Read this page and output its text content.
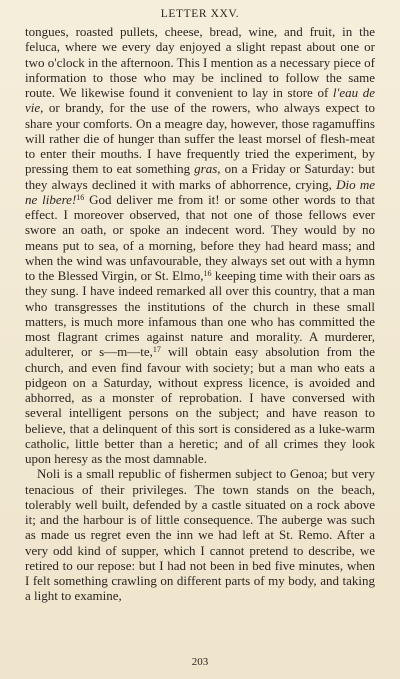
LETTER XXV.

tongues, roasted pullets, cheese, bread, wine, and fruit, in the feluca, where we every day enjoyed a slight repast about one or two o'clock in the afternoon. This I mention as a necessary piece of information to those who may be inclined to follow the same route. We likewise found it convenient to lay in store of l'eau de vie, or brandy, for the use of the rowers, who always expect to share your comforts. On a meagre day, however, those ragamuffins will rather die of hunger than suffer the least morsel of flesh-meat to enter their mouths. I have frequently tried the experiment, by pressing them to eat something gras, on a Friday or Saturday: but they always declined it with marks of abhorrence, crying, Dio me ne libere!$^{16}$ God deliver me from it! or some other words to that effect. I moreover observed, that not one of those fellows ever swore an oath, or spoke an indecent word. They would by no means put to sea, of a morning, before they had heard mass; and when the wind was unfavourable, they always set out with a hymn to the Blessed Virgin, or St. Elmo,$^{16}$ keeping time with their oars as they sung. I have indeed remarked all over this country, that a man who transgresses the institutions of the church in these small matters, is much more infamous than one who has committed the most flagrant crimes against nature and morality. A murderer, adulterer, or s—m—te,$^{17}$ will obtain easy absolution from the church, and even find favour with society; but a man who eats a pidgeon on a Saturday, without express licence, is avoided and abhorred, as a monster of reprobation. I have conversed with several intelligent persons on the subject; and have reason to believe, that a delinquent of this sort is considered as a luke-warm catholic, little better than a heretic; and of all crimes they look upon heresy as the most damnable.

Noli is a small republic of fishermen subject to Genoa; but very tenacious of their privileges. The town stands on the beach, tolerably well built, defended by a castle situated on a rock above it; and the harbour is of little consequence. The auberge was such as made us regret even the inn we had left at St. Remo. After a very odd kind of supper, which I cannot pretend to describe, we retired to our repose: but I had not been in bed five minutes, when I felt something crawling on different parts of my body, and taking a light to examine,

203
